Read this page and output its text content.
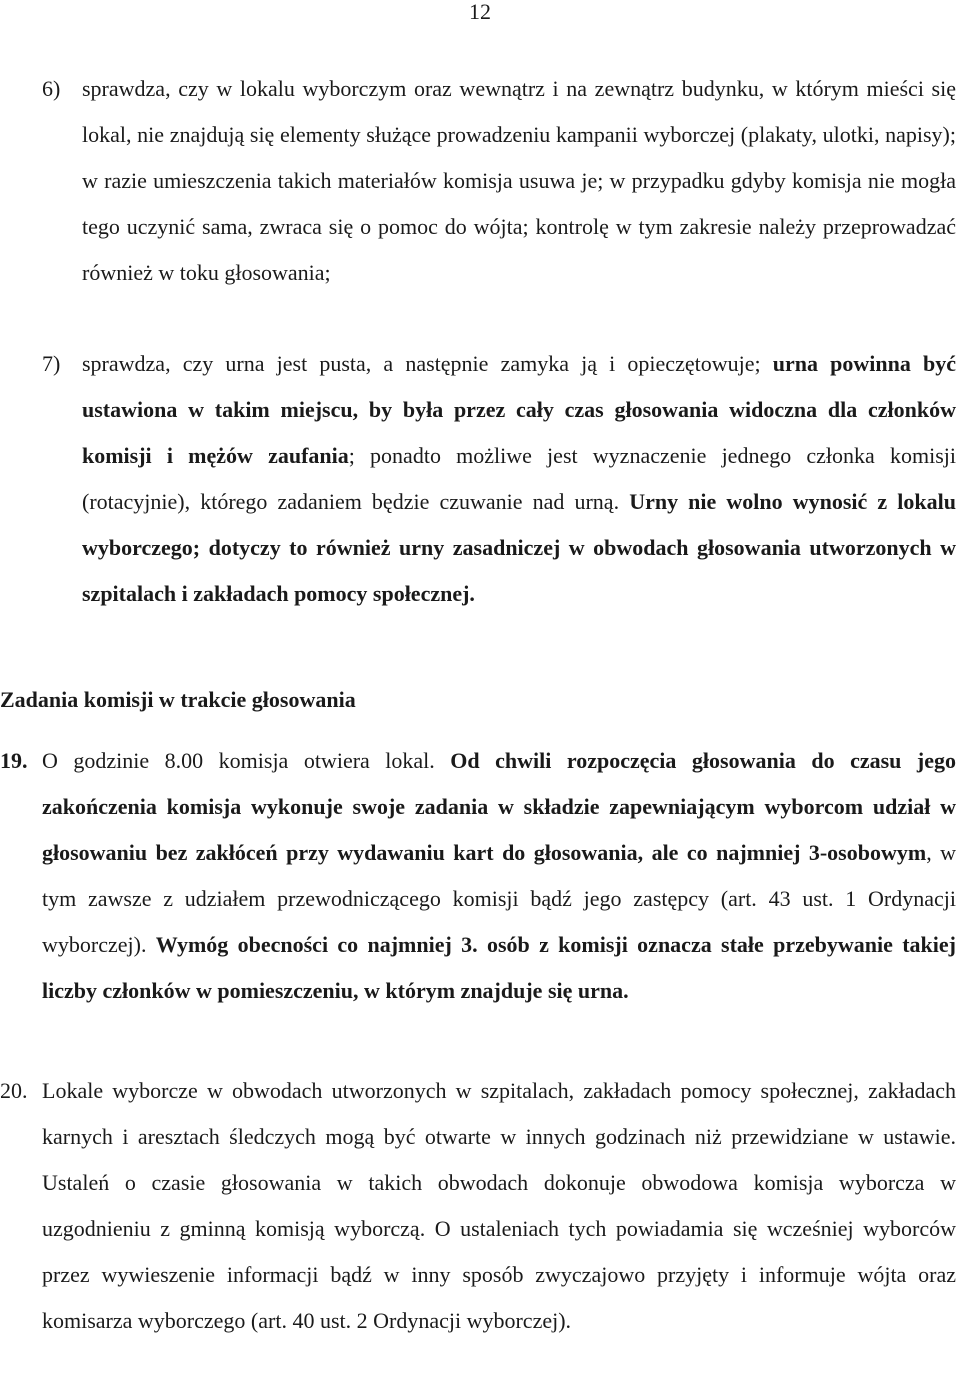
12
6) sprawdza, czy w lokalu wyborczym oraz wewnątrz i na zewnątrz budynku, w którym mieści się lokal, nie znajdują się elementy służące prowadzeniu kampanii wyborczej (plakaty, ulotki, napisy); w razie umieszczenia takich materiałów komisja usuwa je; w przypadku gdyby komisja nie mogła tego uczynić sama, zwraca się o pomoc do wójta; kontrolę w tym zakresie należy przeprowadzać również w toku głosowania;

7) sprawdza, czy urna jest pusta, a następnie zamyka ją i opieczętowuje; urna powinna być ustawiona w takim miejscu, by była przez cały czas głosowania widoczna dla członków komisji i mężów zaufania; ponadto możliwe jest wyznaczenie jednego członka komisji (rotacyjnie), którego zadaniem będzie czuwanie nad urną. Urny nie wolno wynosić z lokalu wyborczego; dotyczy to również urny zasadniczej w obwodach głosowania utworzonych w szpitalach i zakładach pomocy społecznej.

Zadania komisji w trakcie głosowania
19. O godzinie 8.00 komisja otwiera lokal. Od chwili rozpoczęcia głosowania do czasu jego zakończenia komisja wykonuje swoje zadania w składzie zapewniającym wyborcom udział w głosowaniu bez zakłóceń przy wydawaniu kart do głosowania, ale co najmniej 3-osobowym, w tym zawsze z udziałem przewodniczącego komisji bądź jego zastępcy (art. 43 ust. 1 Ordynacji wyborczej). Wymóg obecności co najmniej 3. osób z komisji oznacza stałe przebywanie takiej liczby członków w pomieszczeniu, w którym znajduje się urna.

20. Lokale wyborcze w obwodach utworzonych w szpitalach, zakładach pomocy społecznej, zakładach karnych i aresztach śledczych mogą być otwarte w innych godzinach niż przewidziane w ustawie. Ustaleń o czasie głosowania w takich obwodach dokonuje obwodowa komisja wyborcza w uzgodnieniu z gminną komisją wyborczą. O ustaleniach tych powiadamia się wcześniej wyborców przez wywieszenie informacji bądź w inny sposób zwyczajowo przyjęty i informuje wójta oraz komisarza wyborczego (art. 40 ust. 2 Ordynacji wyborczej).
